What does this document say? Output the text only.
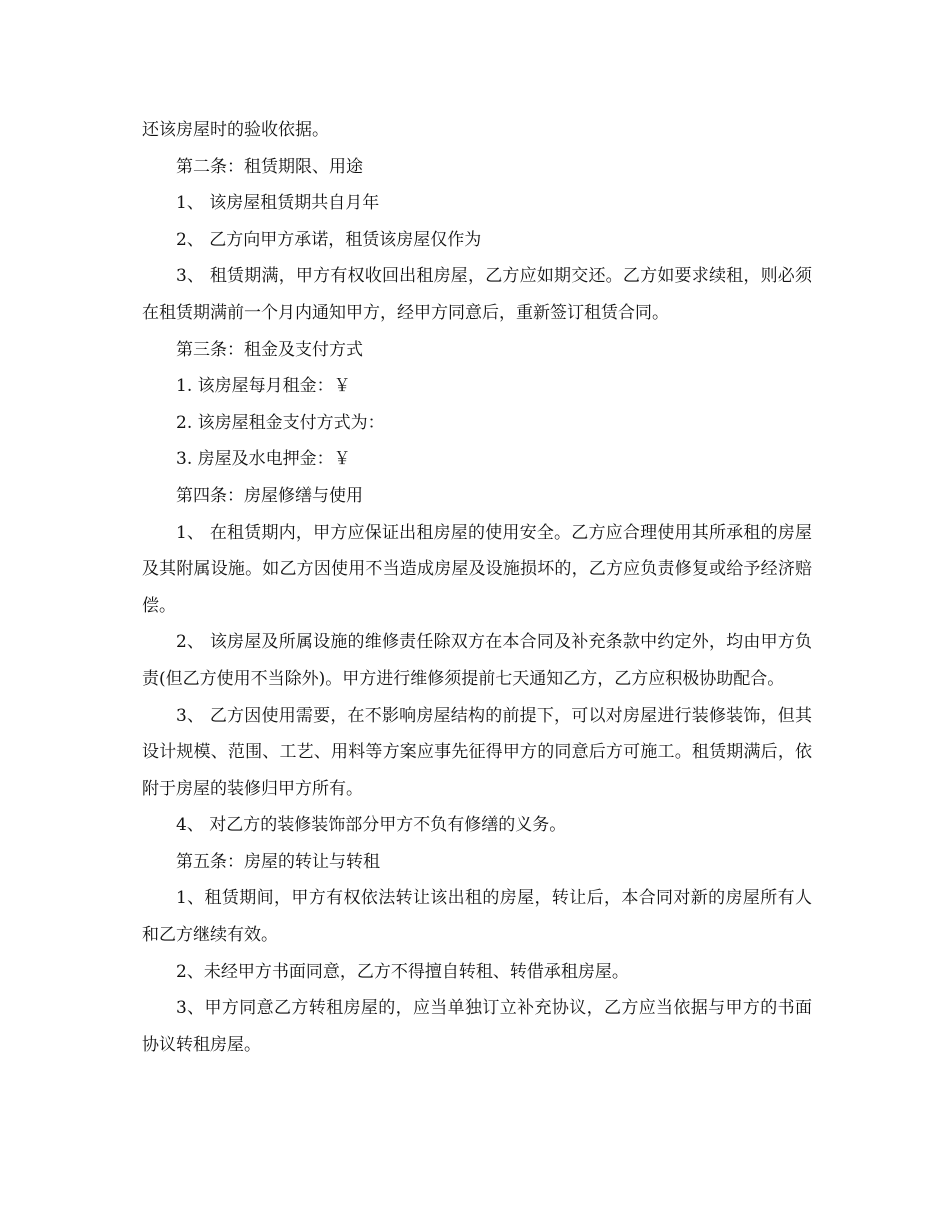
还该房屋时的验收依据。

第二条：租赁期限、用途

1、 该房屋租赁期共自月年

2、 乙方向甲方承诺，租赁该房屋仅作为

3、 租赁期满，甲方有权收回出租房屋，乙方应如期交还。乙方如要求续租，则必须在租赁期满前一个月内通知甲方，经甲方同意后，重新签订租赁合同。

第三条：租金及支付方式

1. 该房屋每月租金：￥

2. 该房屋租金支付方式为：

3. 房屋及水电押金：￥

第四条：房屋修缮与使用

1、 在租赁期内，甲方应保证出租房屋的使用安全。乙方应合理使用其所承租的房屋及其附属设施。如乙方因使用不当造成房屋及设施损坏的，乙方应负责修复或给予经济赔偿。

2、 该房屋及所属设施的维修责任除双方在本合同及补充条款中约定外，均由甲方负责(但乙方使用不当除外)。甲方进行维修须提前七天通知乙方，乙方应积极协助配合。

3、 乙方因使用需要，在不影响房屋结构的前提下，可以对房屋进行装修装饰，但其设计规模、范围、工艺、用料等方案应事先征得甲方的同意后方可施工。租赁期满后，依附于房屋的装修归甲方所有。

4、 对乙方的装修装饰部分甲方不负有修缮的义务。

第五条：房屋的转让与转租

1、租赁期间，甲方有权依法转让该出租的房屋，转让后，本合同对新的房屋所有人和乙方继续有效。

2、未经甲方书面同意，乙方不得擅自转租、转借承租房屋。

3、甲方同意乙方转租房屋的，应当单独订立补充协议，乙方应当依据与甲方的书面协议转租房屋。
